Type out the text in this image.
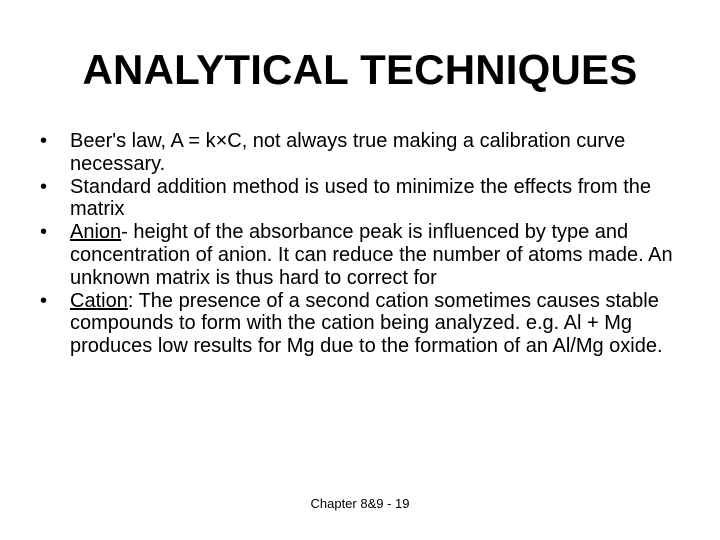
ANALYTICAL TECHNIQUES
• Beer's law, A = k×C, not always true making a calibration curve necessary.
• Standard addition method is used to minimize the effects from the matrix
• Anion- height of the absorbance peak is influenced by type and concentration of anion. It can reduce the number of atoms made. An unknown matrix is thus hard to correct for
• Cation: The presence of a second cation sometimes causes stable compounds to form with the cation being analyzed. e.g. Al + Mg produces low results for Mg due to the formation of an Al/Mg oxide.
Chapter 8&9 - 19
